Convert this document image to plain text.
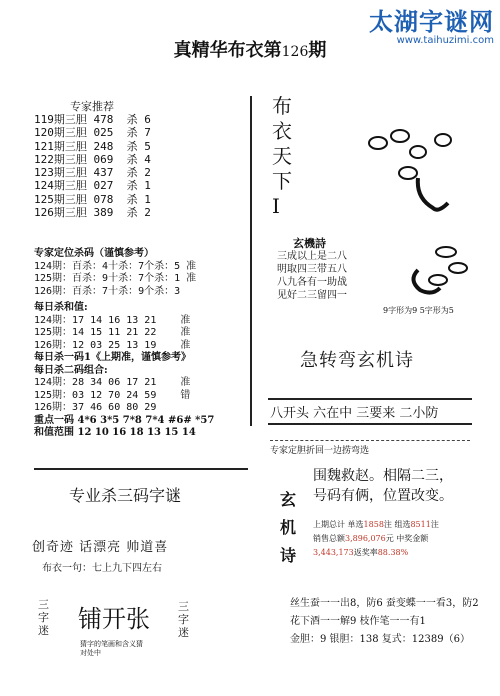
太湖字谜网
www.taihuzimi.com
真精华布衣第126期
专家推荐
119期三胆 478  杀 6
120期三胆 025  杀 7
121期三胆 248  杀 5
122期三胆 069  杀 4
123期三胆 437  杀 2
124期三胆 027  杀 1
125期三胆 078  杀 1
126期三胆 389  杀 2
布
衣
天
下
I
玄機詩
三成以上是二八
明取四三带五八
八九各有一助战
见好二三留四一
9字形为9 5字形为5
专家定位杀码（谨慎参考）
124期：百杀：4十杀：7个杀：5 准
125期：百杀：9十杀：7个杀：1 准
126期：百杀：7十杀：9个杀：3
每日杀和值:
124期：17 14 16 13 21    准
125期：14 15 11 21 22    准
126期：12 03 25 13 19    准
每日杀一码1《上期准，谨慎参考》
每日杀二码组合:
124期：28 34 06 17 21    准
125期：03 12 70 24 59    错
126期：37 46 60 80 29
重点一码 4*6 3*5 7*8 7*4 #6# *57
和值范围 12 10 16 18 13 15 14
急转弯玄机诗
八开头 六在中 三要来 二小防
专家定胆折回一边捞弯选
玄
机
诗
围魏救赵。相隔二三，
号码有俩，位置改变。
上期总计 单选1858注 组选8511注
销售总额3,896,076元 中奖金额
3,443,173返奖率88.38%
丝生蚕一一出8，防6 蚕变蝶一一看3，防2
花下酒一一解9 枝作笔一一有1
金胆：9 银胆：138 复式：12389（6）
专业杀三码字谜
创奇迹 话漂亮 帅道喜
布衣一句：七上九下四左右
三
字
迷
三
字
迷
铺开张
猜字的笔画和含义猜
对处中
